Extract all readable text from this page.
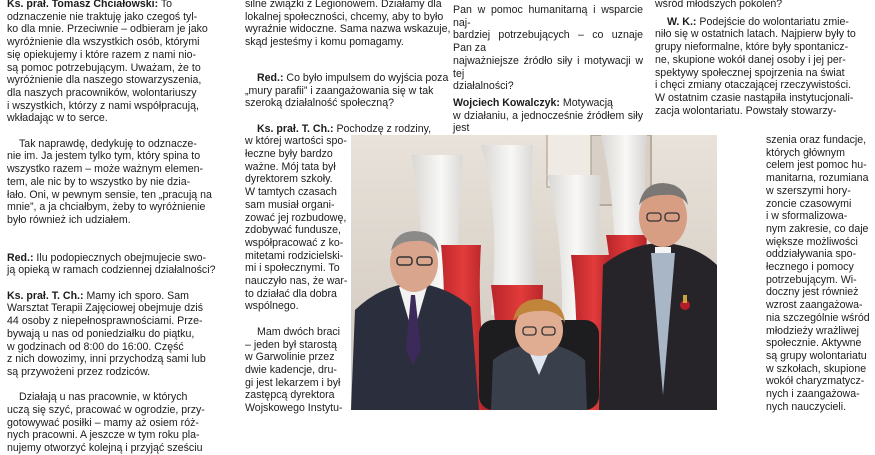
Ks. prał. Tomasz Chciałowski: To
odznaczenie nie traktuję jako czegoś tyl-
ko dla mnie. Przeciwnie – odbieram je jako
wyróżnienie dla wszystkich osób, którymi
się opiekujemy i które razem z nami nio-
są pomoc potrzebującym. Uważam, że to
wyróżnienie dla naszego stowarzyszenia,
dla naszych pracowników, wolontariuszy
i wszystkich, którzy z nami współpracują,
wkładając w to serce.

Tak naprawdę, dedykuję to odznacze-
nie im. Ja jestem tylko tym, który spina to
wszystko razem – może ważnym elemen-
tem, ale nic by to wszystko by nie dzia-
łało. Oni, w pewnym sensie, ten „pracują na
mnie”, a ja chciałbym, żeby to wyróżnienie
było również ich udziałem.

Red.: Ilu podopiecznych obejmujecie swo-
ją opieką w ramach codziennej działalności?

Ks. prał. T. Ch.: Mamy ich sporo. Sam
Warsztat Terapii Zajęciowej obejmuje dziś
44 osoby z niepełnosprawnościami. Prze-
bywają u nas od poniedziałku do piątku,
w godzinach od 8:00 do 16:00. Część
z nich dowozimy, inni przychodzą sami lub
są przywożeni przez rodziców.

Działają u nas pracownie, w których
uczą się szyć, pracować w ogrodzie, przy-
gotowywać posiłki – mamy aż osiem róż-
nych pracowni. A jeszcze w tym roku pla-
nujemy otworzyć kolejną i przyjąć sześciu

silne związki z Legionowem. Działamy dla
lokalnej społeczności, chcemy, aby to było
wyraźnie widoczne. Sama nazwa wskazuje,
skąd jesteśmy i komu pomagamy.

Red.: Co było impulsem do wyjścia poza
„mury parafii” i zaangażowania się w tak
szeroką działalność społeczną?

Ks. prał. T. Ch.: Pochodzę z rodziny,
w której wartości spo-
łeczne były bardzo
ważne. Mój tata był
dyrektorem szkoły.
W tamtych czasach
sam musiał organi-
zować jej rozbudowę,
zdobywać fundusze,
współpracować z ko-
mitetami rodzicielski-
mi i społecznymi. To
nauczyło nas, że war-
to działać dla dobra
wspólnego.

Mam dwóch braci
– jeden był starostą
w Garwolinie przez
dwie kadencje, dru-
gi jest lekarzem i był
zastępcą dyrektora
Wojskowego Instytu-

Pan w pomoc humanitarną i wsparcie naj-
bardziej potrzebujących – co uznaje Pan za
najważniejsze źródło siły i motywacji w tej
działalności?

Wojciech Kowalczyk: Motywacją
w działaniu, a jednocześnie źródłem siły jest

wśród młodszych pokoleń?

W. K.: Podejście do wolontariatu zmie-
niło się w ostatnich latach. Najpierw były to
grupy nieformalne, które były spontanicz-
ne, skupione wokół danej osoby i jej per-
spektywy społecznej spojrzenia na świat
i chęci zmiany otaczającej rzeczywistości.
W ostatnim czasie nastąpiła instytucjonali-
zacja wolontariatu. Powstały stowarzy-

szenia oraz fundacje,
których głównym
celem jest pomoc hu-
manitarna, rozumiana
w szerszymi hory-
zoncie czasowymi
i w sformalizowa-
nym zakresie, co daje
większe możliwości
oddziaływania spo-
łecznego i pomocy
potrzebującym. Wi-
doczny jest również
wzrost zaangażowa-
nia szczególnie wśród
młodzieży wrażliwej
społecznie. Aktywne
są grupy wolontariatu
w szkołach, skupione
wokół charyzmatycz-
nych i zaangażowa-
nych nauczycieli.
